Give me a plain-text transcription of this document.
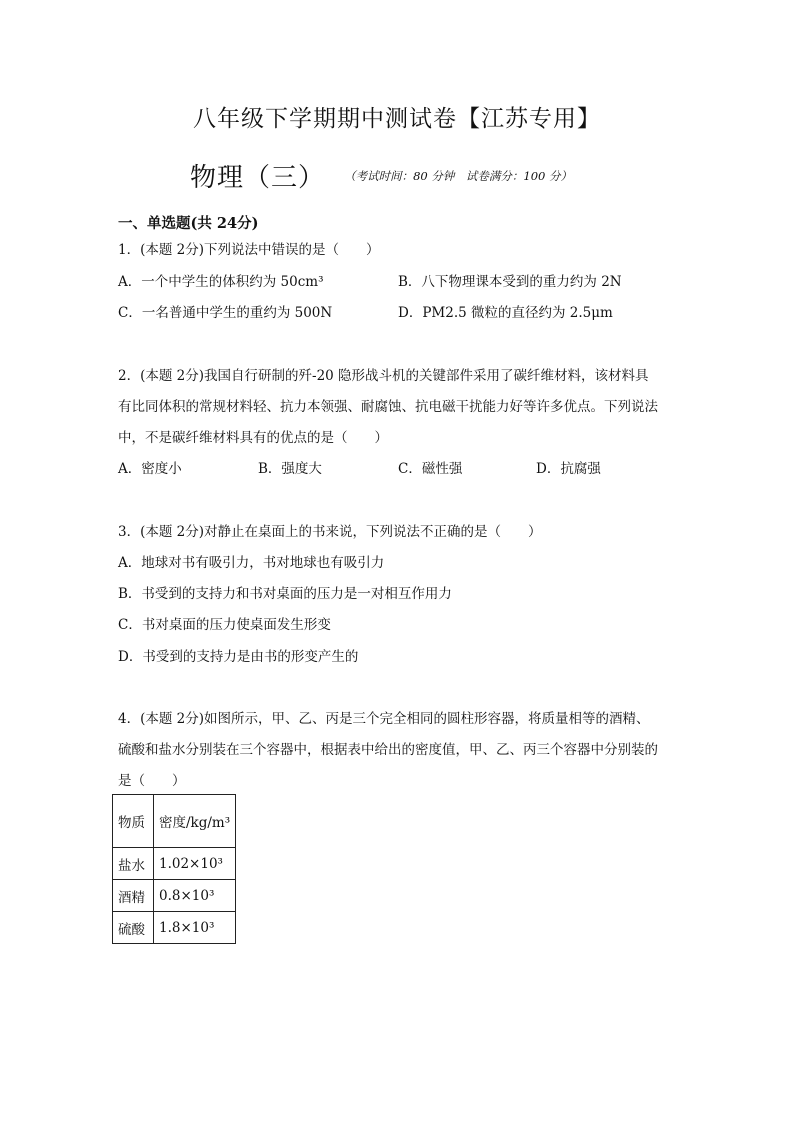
八年级下学期期中测试卷【江苏专用】
物理（三） （考试时间：80 分钟　试卷满分：100 分）
一、单选题(共 24分)
1．(本题 2分)下列说法中错误的是（　　）
A．一个中学生的体积约为 50cm³	B．八下物理课本受到的重力约为 2N
C．一名普通中学生的重约为 500N	D．PM2.5 微粒的直径约为 2.5μm
2．(本题 2分)我国自行研制的歼-20 隐形战斗机的关键部件采用了碳纤维材料，该材料具
有比同体积的常规材料轻、抗力本领强、耐腐蚀、抗电磁干扰能力好等许多优点。下列说法
中，不是碳纤维材料具有的优点的是（　　）
A．密度小	B．强度大	C．磁性强	D．抗腐强
3．(本题 2分)对静止在桌面上的书来说，下列说法不正确的是（　　）
A．地球对书有吸引力，书对地球也有吸引力
B．书受到的支持力和书对桌面的压力是一对相互作用力
C．书对桌面的压力使桌面发生形变
D．书受到的支持力是由书的形变产生的
4．(本题 2分)如图所示，甲、乙、丙是三个完全相同的圆柱形容器，将质量相等的酒精、
硫酸和盐水分别装在三个容器中，根据表中给出的密度值，甲、乙、丙三个容器中分别装的
是（　　）
物质	密度/kg/m³
盐水	1.02×10³
酒精	0.8×10³
硫酸	1.8×10³
